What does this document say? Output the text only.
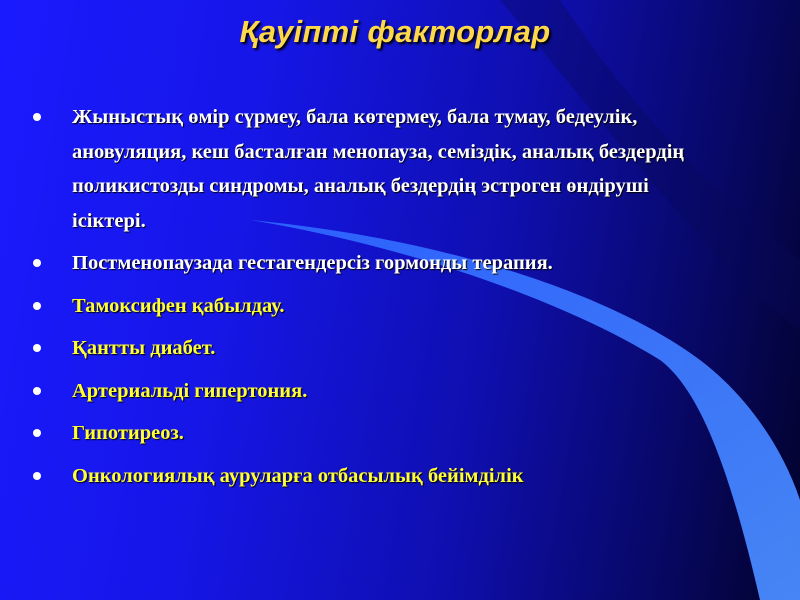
Қауіпті факторлар
Жыныстық өмір сүрмеу, бала көтермеу, бала тумау, бедеулік, ановуляция, кеш басталған менопауза, семіздік, аналық бездердің поликистозды синдромы, аналық бездердің эстроген өндіруші ісіктері.
Постменопаузада гестагендерсіз гормонды терапия.
Тамоксифен қабылдау.
Қантты диабет.
Артериальді гипертония.
Гипотиреоз.
Онкологиялық ауруларға отбасылық бейімділік
